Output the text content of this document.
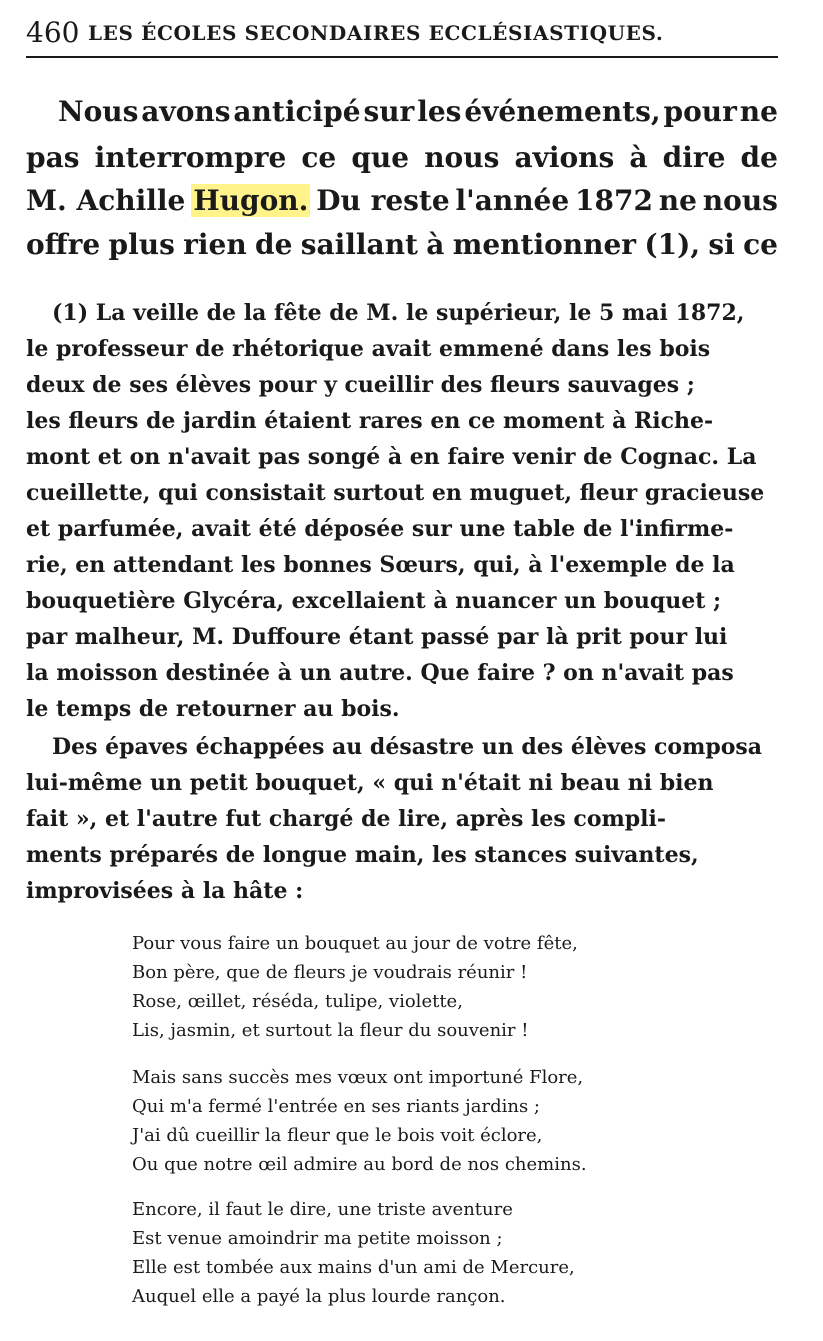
460 LES ÉCOLES SECONDAIRES ECCLÉSIASTIQUES.
Nous avons anticipé sur les événements, pour ne
pas interrompre ce que nous avions à dire de
M. Achille Hugon. Du reste l'année 1872 ne nous
offre plus rien de saillant à mentionner (1), si ce
(1) La veille de la fête de M. le supérieur, le 5 mai 1872,
le professeur de rhétorique avait emmené dans les bois
deux de ses élèves pour y cueillir des fleurs sauvages ;
les fleurs de jardin étaient rares en ce moment à Riche-
mont et on n'avait pas songé à en faire venir de Cognac. La
cueillette, qui consistait surtout en muguet, fleur gracieuse
et parfumée, avait été déposée sur une table de l'infirme-
rie, en attendant les bonnes Sœurs, qui, à l'exemple de la
bouquetière Glycéra, excellaient à nuancer un bouquet ;
par malheur, M. Duffoure étant passé par là prit pour lui
la moisson destinée à un autre. Que faire ? on n'avait pas
le temps de retourner au bois.
Des épaves échappées au désastre un des élèves composa
lui-même un petit bouquet, « qui n'était ni beau ni bien
fait », et l'autre fut chargé de lire, après les compli-
ments préparés de longue main, les stances suivantes,
improvisées à la hâte :
Pour vous faire un bouquet au jour de votre fête,
Bon père, que de fleurs je voudrais réunir !
Rose, œillet, réséda, tulipe, violette,
Lis, jasmin, et surtout la fleur du souvenir !
Mais sans succès mes vœux ont importuné Flore,
Qui m'a fermé l'entrée en ses riants jardins ;
J'ai dû cueillir la fleur que le bois voit éclore,
Ou que notre œil admire au bord de nos chemins.
Encore, il faut le dire, une triste aventure
Est venue amoindrir ma petite moisson ;
Elle est tombée aux mains d'un ami de Mercure,
Auquel elle a payé la plus lourde rançon.
